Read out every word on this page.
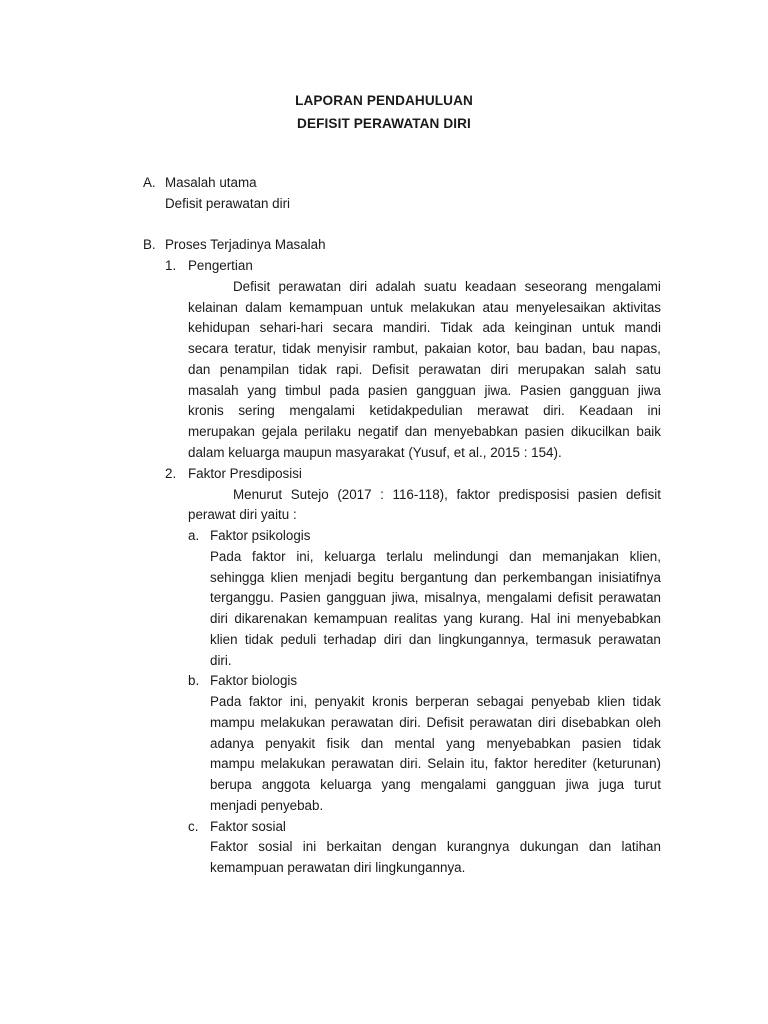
LAPORAN PENDAHULUAN
DEFISIT PERAWATAN DIRI
A. Masalah utama
Defisit perawatan diri
B. Proses Terjadinya Masalah
1. Pengertian
Defisit perawatan diri adalah suatu keadaan seseorang mengalami
kelainan dalam kemampuan untuk melakukan atau menyelesaikan aktivitas
kehidupan sehari-hari secara mandiri. Tidak ada keinginan untuk mandi
secara teratur, tidak menyisir rambut, pakaian kotor, bau badan, bau napas,
dan penampilan tidak rapi. Defisit perawatan diri merupakan salah satu
masalah yang timbul pada pasien gangguan jiwa. Pasien gangguan jiwa
kronis sering mengalami ketidakpedulian merawat diri. Keadaan ini
merupakan gejala perilaku negatif dan menyebabkan pasien dikucilkan baik
dalam keluarga maupun masyarakat (Yusuf, et al., 2015 : 154).
2. Faktor Presdiposisi
Menurut Sutejo (2017 : 116-118), faktor predisposisi pasien defisit
perawat diri yaitu :
a. Faktor psikologis
Pada faktor ini, keluarga terlalu melindungi dan memanjakan klien,
sehingga klien menjadi begitu bergantung dan perkembangan inisiatifnya
terganggu. Pasien gangguan jiwa, misalnya, mengalami defisit perawatan
diri dikarenakan kemampuan realitas yang kurang. Hal ini menyebabkan
klien tidak peduli terhadap diri dan lingkungannya, termasuk perawatan
diri.
b. Faktor biologis
Pada faktor ini, penyakit kronis berperan sebagai penyebab klien tidak
mampu melakukan perawatan diri. Defisit perawatan diri disebabkan oleh
adanya penyakit fisik dan mental yang menyebabkan pasien tidak
mampu melakukan perawatan diri. Selain itu, faktor herediter (keturunan)
berupa anggota keluarga yang mengalami gangguan jiwa juga turut
menjadi penyebab.
c. Faktor sosial
Faktor sosial ini berkaitan dengan kurangnya dukungan dan latihan
kemampuan perawatan diri lingkungannya.
